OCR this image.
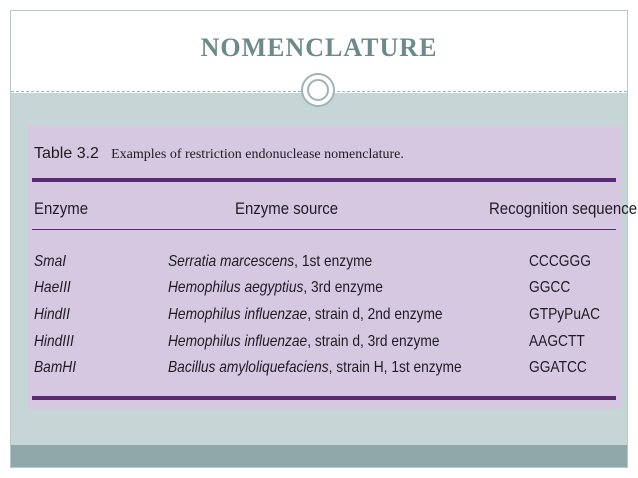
NOMENCLATURE
Table 3.2 Examples of restriction endonuclease nomenclature.
Enzyme	Enzyme source	Recognition sequence
SmaI	Serratia marcescens, 1st enzyme	CCCGGG
HaeIII	Hemophilus aegyptius, 3rd enzyme	GGCC
HindII	Hemophilus influenzae, strain d, 2nd enzyme	GTPyPuAC
HindIII	Hemophilus influenzae, strain d, 3rd enzyme	AAGCTT
BamHI	Bacillus amyloliquefaciens, strain H, 1st enzyme	GGATCC
